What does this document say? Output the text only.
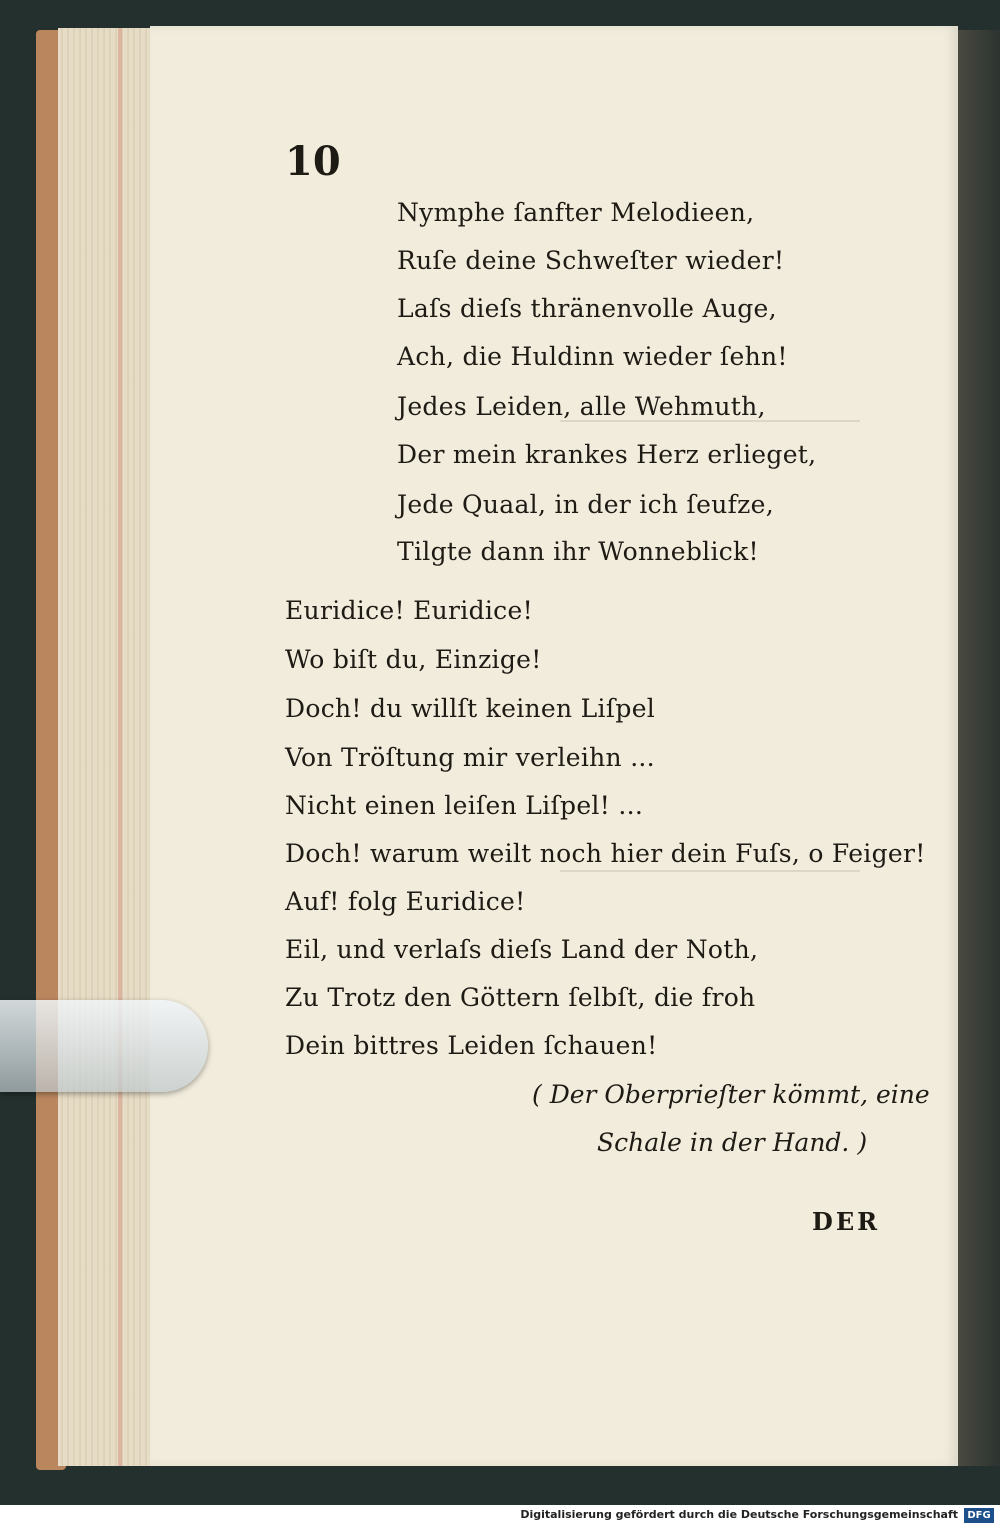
10
Nymphe ſanfter Melodieen,
Ruſe deine Schweſter wieder!
Laſs dieſs thränenvolle Auge,
Ach, die Huldinn wieder ſehn!
Jedes Leiden, alle Wehmuth,
Der mein krankes Herz erlieget,
Jede Quaal, in der ich ſeufze,
Tilgte dann ihr Wonneblick!
Euridice! Euridice!
Wo biſt du, Einzige!
Doch! du willſt keinen Liſpel
Von Tröſtung mir verleihn ...
Nicht einen leiſen Liſpel! ...
Doch! warum weilt noch hier dein Fuſs, o Feiger!
Auf! folg Euridice!
Eil, und verlaſs dieſs Land der Noth,
Zu Trotz den Göttern ſelbſt, die froh
Dein bittres Leiden ſchauen!
( Der Oberprieſter kömmt, eine
Schale in der Hand. )
DER
Digitalisierung gefördert durch die Deutsche Forschungsgemeinschaft DFG
